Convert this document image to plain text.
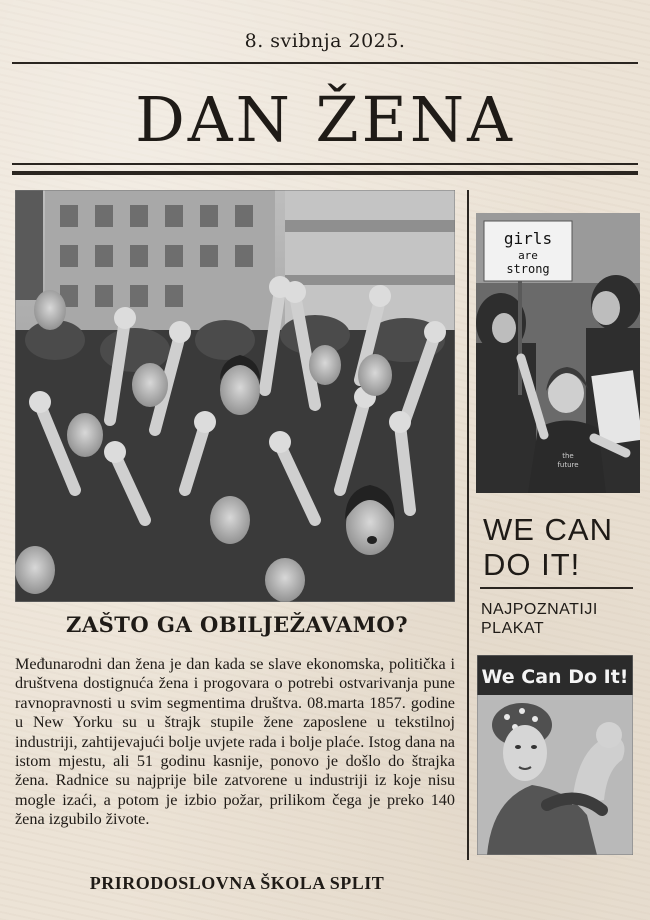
8. svibnja 2025.
DAN ŽENA
girls
are
strong
the
future
ZAŠTO GA OBILJEŽAVAMO?
Međunarodni dan žena je dan kada se slave ekonomska, politička i društvena dostignuća žena i progovara o potrebi ostvarivanja pune ravnopravnosti u svim segmentima društva. 08.marta 1857. godine u New Yorku su u štrajk stupile žene zaposlene u tekstilnoj industriji, zahtijevajući bolje uvjete rada i bolje plaće. Istog dana na istom mjestu, ali 51 godinu kasnije, ponovo je došlo do štrajka žena. Radnice su najprije bile zatvorene u industriji iz koje nisu mogle izaći, a potom je izbio požar, prilikom čega je preko 140 žena izgubilo živote.
PRIRODOSLOVNA ŠKOLA SPLIT
WE CAN DO IT!
NAJPOZNATIJI PLAKAT
We Can Do It!
